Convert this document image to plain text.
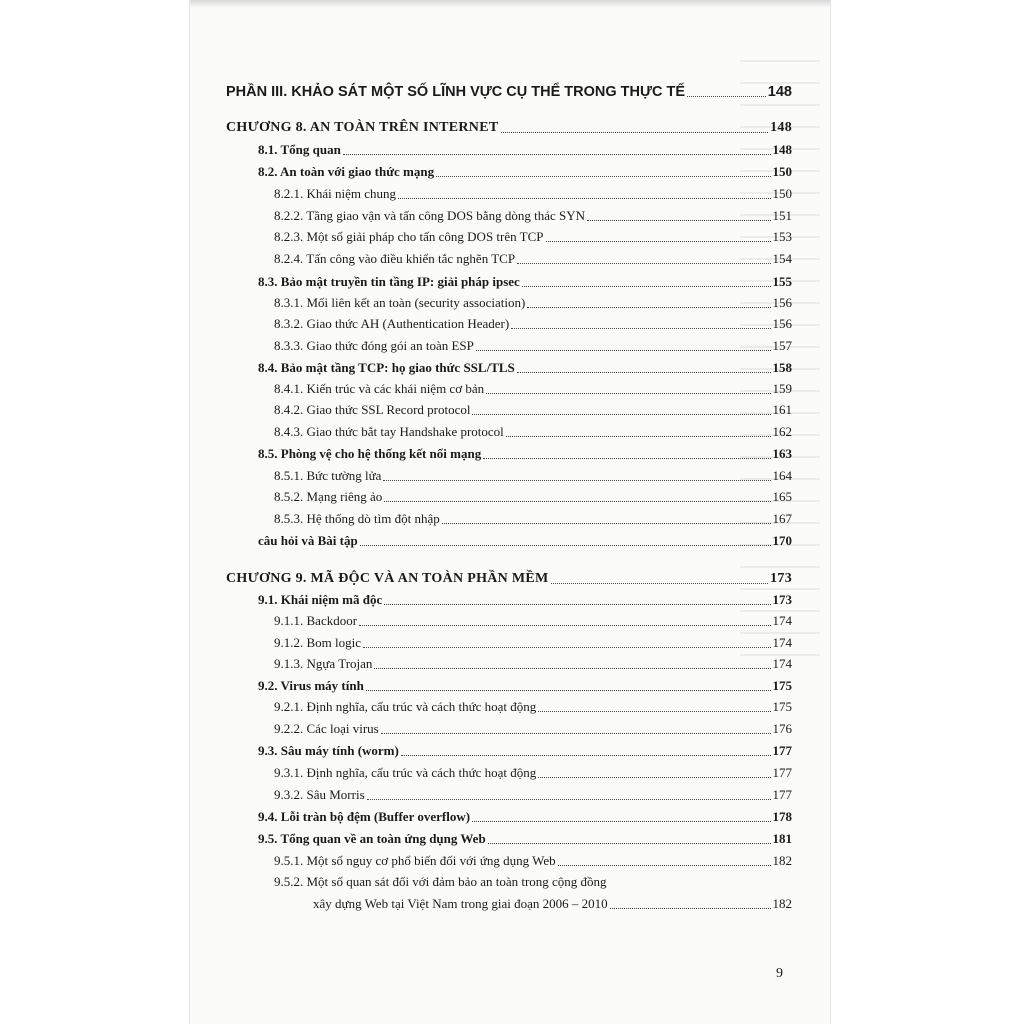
9
PHẦN III. KHẢO SÁT MỘT SỐ LĨNH VỰC CỤ THỂ TRONG THỰC TẾ	148
CHƯƠNG 8. AN TOÀN TRÊN INTERNET	148
8.1. Tổng quan	148
8.2. An toàn với giao thức mạng	150
8.2.1. Khái niệm chung	150
8.2.2. Tầng giao vận và tấn công DOS bằng dòng thác SYN	151
8.2.3. Một số giải pháp cho tấn công DOS trên TCP	153
8.2.4. Tấn công vào điều khiển tắc nghẽn TCP	154
8.3. Bảo mật truyền tin tầng IP: giải pháp ipsec	155
8.3.1. Mối liên kết an toàn (security association)	156
8.3.2. Giao thức AH (Authentication Header)	156
8.3.3. Giao thức đóng gói an toàn ESP	157
8.4. Bảo mật tầng TCP: họ giao thức SSL/TLS	158
8.4.1. Kiến trúc và các khái niệm cơ bản	159
8.4.2. Giao thức SSL Record protocol	161
8.4.3. Giao thức bắt tay Handshake protocol	162
8.5. Phòng vệ cho hệ thống kết nối mạng	163
8.5.1. Bức tường lửa	164
8.5.2. Mạng riêng ảo	165
8.5.3. Hệ thống dò tìm đột nhập	167
câu hỏi và Bài tập	170
CHƯƠNG 9. MÃ ĐỘC VÀ AN TOÀN PHẦN MỀM	173
9.1. Khái niệm mã độc	173
9.1.1. Backdoor	174
9.1.2. Bom logic	174
9.1.3. Ngựa Trojan	174
9.2. Virus máy tính	175
9.2.1. Định nghĩa, cấu trúc và cách thức hoạt động	175
9.2.2. Các loại virus	176
9.3. Sâu máy tính (worm)	177
9.3.1. Định nghĩa, cấu trúc và cách thức hoạt động	177
9.3.2. Sâu Morris	177
9.4. Lỗi tràn bộ đệm (Buffer overflow)	178
9.5. Tổng quan về an toàn ứng dụng Web	181
9.5.1. Một số nguy cơ phổ biến đối với ứng dụng Web	182
9.5.2. Một số quan sát đối với đảm bảo an toàn trong cộng đồng
xây dựng Web tại Việt Nam trong giai đoạn 2006 – 2010	182
